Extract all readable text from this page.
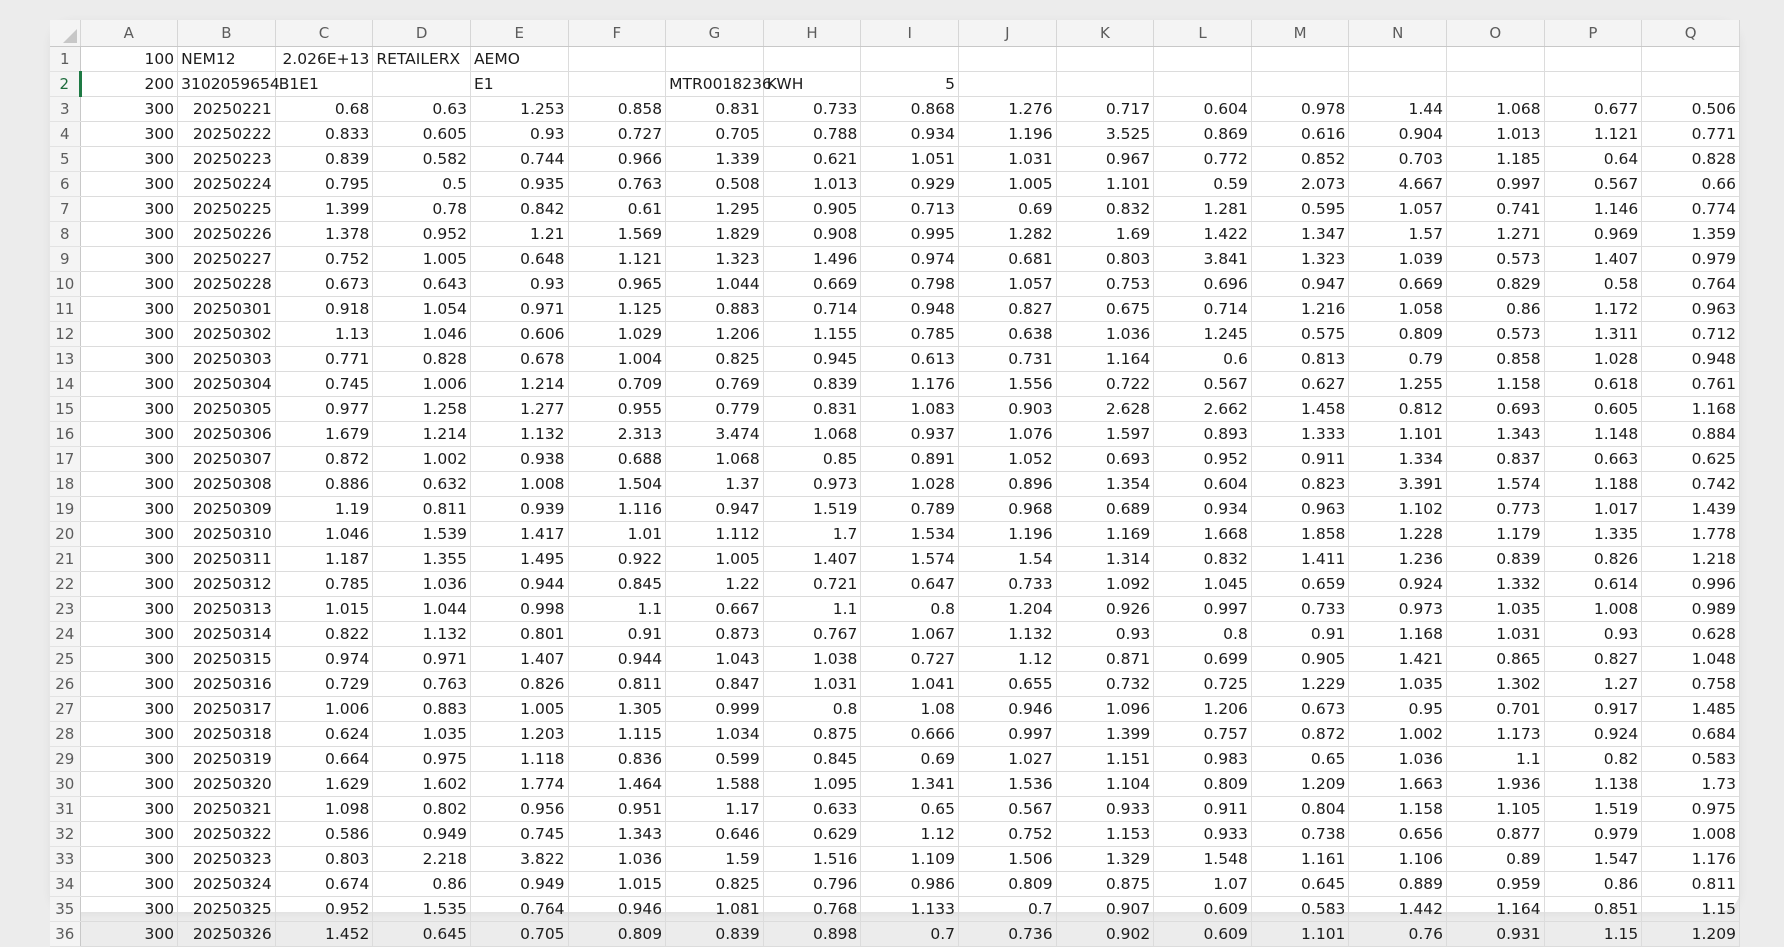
	A	B	C	D	E	F	G	H	I	J	K	L	M	N	O	P	Q
1	100	NEM12	2.026E+13	RETAILERX	AEMO												
2	200	3102059654	B1E1		E1		MTR0018236	KWH	5								
3	300	20250221	0.68	0.63	1.253	0.858	0.831	0.733	0.868	1.276	0.717	0.604	0.978	1.44	1.068	0.677	0.506
4	300	20250222	0.833	0.605	0.93	0.727	0.705	0.788	0.934	1.196	3.525	0.869	0.616	0.904	1.013	1.121	0.771
5	300	20250223	0.839	0.582	0.744	0.966	1.339	0.621	1.051	1.031	0.967	0.772	0.852	0.703	1.185	0.64	0.828
6	300	20250224	0.795	0.5	0.935	0.763	0.508	1.013	0.929	1.005	1.101	0.59	2.073	4.667	0.997	0.567	0.66
7	300	20250225	1.399	0.78	0.842	0.61	1.295	0.905	0.713	0.69	0.832	1.281	0.595	1.057	0.741	1.146	0.774
8	300	20250226	1.378	0.952	1.21	1.569	1.829	0.908	0.995	1.282	1.69	1.422	1.347	1.57	1.271	0.969	1.359
9	300	20250227	0.752	1.005	0.648	1.121	1.323	1.496	0.974	0.681	0.803	3.841	1.323	1.039	0.573	1.407	0.979
10	300	20250228	0.673	0.643	0.93	0.965	1.044	0.669	0.798	1.057	0.753	0.696	0.947	0.669	0.829	0.58	0.764
11	300	20250301	0.918	1.054	0.971	1.125	0.883	0.714	0.948	0.827	0.675	0.714	1.216	1.058	0.86	1.172	0.963
12	300	20250302	1.13	1.046	0.606	1.029	1.206	1.155	0.785	0.638	1.036	1.245	0.575	0.809	0.573	1.311	0.712
13	300	20250303	0.771	0.828	0.678	1.004	0.825	0.945	0.613	0.731	1.164	0.6	0.813	0.79	0.858	1.028	0.948
14	300	20250304	0.745	1.006	1.214	0.709	0.769	0.839	1.176	1.556	0.722	0.567	0.627	1.255	1.158	0.618	0.761
15	300	20250305	0.977	1.258	1.277	0.955	0.779	0.831	1.083	0.903	2.628	2.662	1.458	0.812	0.693	0.605	1.168
16	300	20250306	1.679	1.214	1.132	2.313	3.474	1.068	0.937	1.076	1.597	0.893	1.333	1.101	1.343	1.148	0.884
17	300	20250307	0.872	1.002	0.938	0.688	1.068	0.85	0.891	1.052	0.693	0.952	0.911	1.334	0.837	0.663	0.625
18	300	20250308	0.886	0.632	1.008	1.504	1.37	0.973	1.028	0.896	1.354	0.604	0.823	3.391	1.574	1.188	0.742
19	300	20250309	1.19	0.811	0.939	1.116	0.947	1.519	0.789	0.968	0.689	0.934	0.963	1.102	0.773	1.017	1.439
20	300	20250310	1.046	1.539	1.417	1.01	1.112	1.7	1.534	1.196	1.169	1.668	1.858	1.228	1.179	1.335	1.778
21	300	20250311	1.187	1.355	1.495	0.922	1.005	1.407	1.574	1.54	1.314	0.832	1.411	1.236	0.839	0.826	1.218
22	300	20250312	0.785	1.036	0.944	0.845	1.22	0.721	0.647	0.733	1.092	1.045	0.659	0.924	1.332	0.614	0.996
23	300	20250313	1.015	1.044	0.998	1.1	0.667	1.1	0.8	1.204	0.926	0.997	0.733	0.973	1.035	1.008	0.989
24	300	20250314	0.822	1.132	0.801	0.91	0.873	0.767	1.067	1.132	0.93	0.8	0.91	1.168	1.031	0.93	0.628
25	300	20250315	0.974	0.971	1.407	0.944	1.043	1.038	0.727	1.12	0.871	0.699	0.905	1.421	0.865	0.827	1.048
26	300	20250316	0.729	0.763	0.826	0.811	0.847	1.031	1.041	0.655	0.732	0.725	1.229	1.035	1.302	1.27	0.758
27	300	20250317	1.006	0.883	1.005	1.305	0.999	0.8	1.08	0.946	1.096	1.206	0.673	0.95	0.701	0.917	1.485
28	300	20250318	0.624	1.035	1.203	1.115	1.034	0.875	0.666	0.997	1.399	0.757	0.872	1.002	1.173	0.924	0.684
29	300	20250319	0.664	0.975	1.118	0.836	0.599	0.845	0.69	1.027	1.151	0.983	0.65	1.036	1.1	0.82	0.583
30	300	20250320	1.629	1.602	1.774	1.464	1.588	1.095	1.341	1.536	1.104	0.809	1.209	1.663	1.936	1.138	1.73
31	300	20250321	1.098	0.802	0.956	0.951	1.17	0.633	0.65	0.567	0.933	0.911	0.804	1.158	1.105	1.519	0.975
32	300	20250322	0.586	0.949	0.745	1.343	0.646	0.629	1.12	0.752	1.153	0.933	0.738	0.656	0.877	0.979	1.008
33	300	20250323	0.803	2.218	3.822	1.036	1.59	1.516	1.109	1.506	1.329	1.548	1.161	1.106	0.89	1.547	1.176
34	300	20250324	0.674	0.86	0.949	1.015	0.825	0.796	0.986	0.809	0.875	1.07	0.645	0.889	0.959	0.86	0.811
35	300	20250325	0.952	1.535	0.764	0.946	1.081	0.768	1.133	0.7	0.907	0.609	0.583	1.442	1.164	0.851	1.15
36	300	20250326	1.452	0.645	0.705	0.809	0.839	0.898	0.7	0.736	0.902	0.609	1.101	0.76	0.931	1.15	1.209
